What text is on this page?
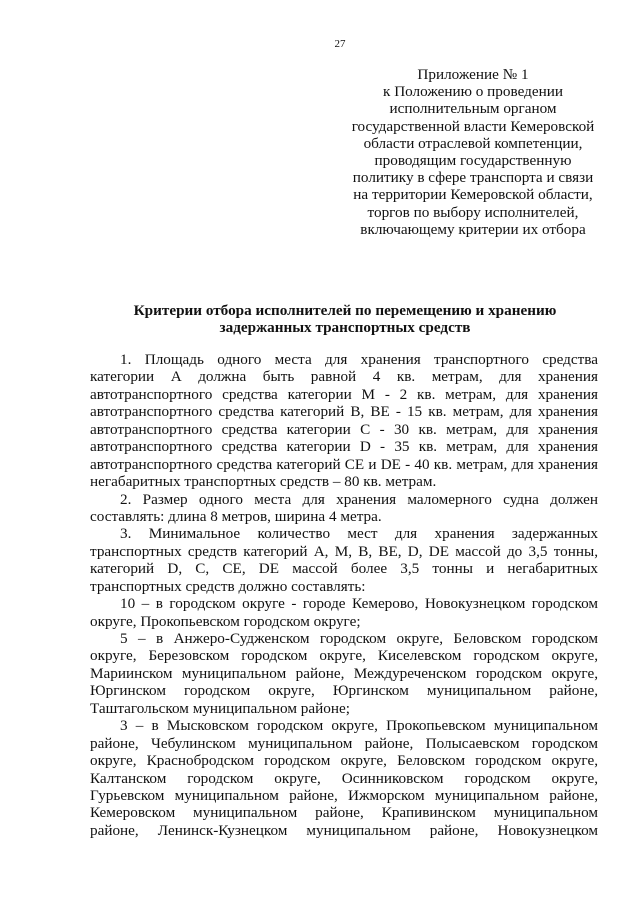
27
Приложение № 1
к Положению о проведении
исполнительным органом
государственной власти Кемеровской
области отраслевой компетенции,
проводящим государственную
политику в сфере транспорта и связи
на территории Кемеровской области,
торгов по выбору исполнителей,
включающему критерии их отбора
Критерии отбора исполнителей по перемещению и хранению
задержанных транспортных средств
1. Площадь одного места для хранения транспортного средства
категории А должна быть равной 4 кв. метрам, для хранения
автотранспортного средства категории М - 2 кв. метрам, для хранения
автотранспортного средства категорий В, ВЕ - 15 кв. метрам, для хранения
автотранспортного средства категории С - 30 кв. метрам, для хранения
автотранспортного средства категории D - 35 кв. метрам, для хранения
автотранспортного средства категорий СЕ и DE - 40 кв. метрам, для хранения
негабаритных транспортных средств – 80 кв. метрам.
2. Размер одного места для хранения маломерного судна должен
составлять: длина 8 метров, ширина 4 метра.
3. Минимальное количество мест для хранения задержанных
транспортных средств категорий А, М, В, ВЕ, D, DE массой до 3,5 тонны,
категорий D, С, СЕ, DE массой более 3,5 тонны и негабаритных
транспортных средств должно составлять:
10 – в городском округе - городе Кемерово, Новокузнецком городском
округе, Прокопьевском городском округе;
5 – в Анжеро-Судженском городском округе, Беловском городском
округе, Березовском городском округе, Киселевском городском округе,
Мариинском муниципальном районе, Междуреченском городском округе,
Юргинском городском округе, Юргинском муниципальном районе,
Таштагольском муниципальном районе;
3 – в Мысковском городском округе, Прокопьевском муниципальном
районе, Чебулинском муниципальном районе, Полысаевском городском
округе, Краснобродском городском округе, Беловском городском округе,
Калтанском городском округе, Осинниковском городском округе,
Гурьевском муниципальном районе, Ижморском муниципальном районе,
Кемеровском муниципальном районе, Крапивинском муниципальном
районе, Ленинск-Кузнецком муниципальном районе, Новокузнецком
